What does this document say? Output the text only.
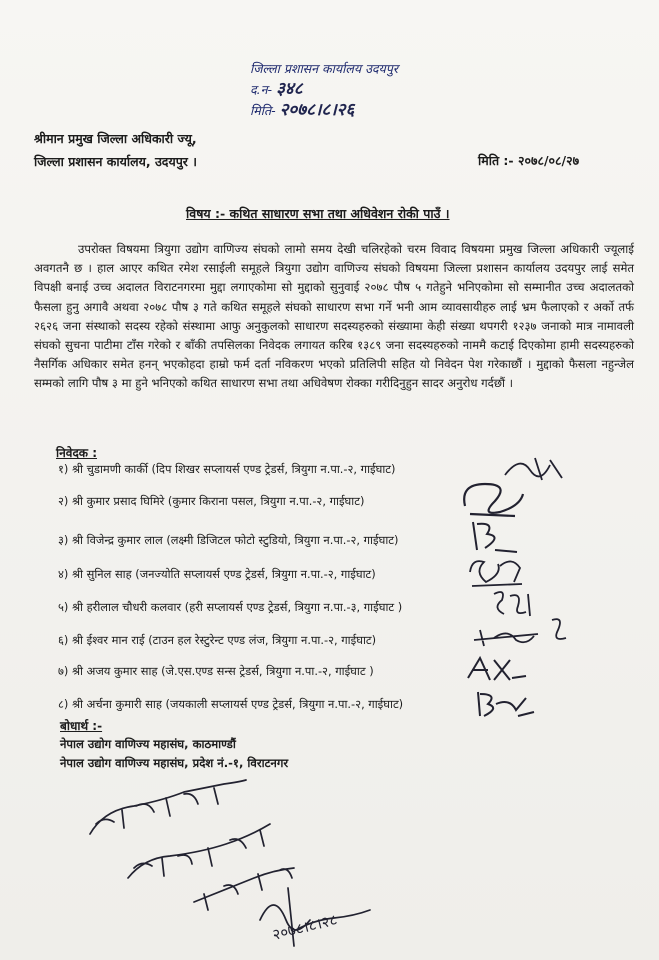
जिल्ला प्रशासन कार्यालय उदयपुर
द.न- ३४८
मिति- २०७८।८।२६
श्रीमान प्रमुख जिल्ला अधिकारी ज्यू,
जिल्ला प्रशासन कार्यालय, उदयपुर ।	मिति :- २०७८/०८/२७
विषय :- कथित साधारण सभा तथा अधिवेशन रोकी पाउँ ।
उपरोक्त विषयमा त्रियुगा उद्योग वाणिज्य संघको लामो समय देखी चलिरहेको चरम विवाद विषयमा प्रमुख जिल्ला अधिकारी ज्यूलाई अवगतनै छ । हाल आएर कथित रमेश रसाईली समूहले त्रियुगा उद्योग वाणिज्य संघको विषयमा जिल्ला प्रशासन कार्यालय उदयपुर लाई समेत विपक्षी बनाई उच्च अदालत विराटनगरमा मुद्दा लगाएकोमा सो मुद्दाको सुनुवाई २०७८ पौष ५ गतेहुने भनिएकोमा सो सम्मानीत उच्च अदालतको फैसला हुनु अगावै अथवा २०७८ पौष ३ गते कथित समूहले संघको साधारण सभा गर्ने भनी आम व्यावसायीहरु लाई भ्रम फैलाएको र अर्को तर्फ २६२६ जना संस्थाको सदस्य रहेको संस्थामा आफु अनुकुलको साधारण सदस्यहरुको संख्यामा केही संख्या थपगरी १२३७ जनाको मात्र नामावली संघको सुचना पाटीमा टाँस गरेको र बाँकी तपसिलका निवेदक लगायत करिब १३८९ जना सदस्यहरुको नाममै कटाई दिएकोमा हामी सदस्यहरुको नैसर्गिक अधिकार समेत हनन् भएकोहदा हाम्रो फर्म दर्ता नविकरण भएको प्रतिलिपी सहित यो निवेदन पेश गरेकाछौं । मुद्दाको फैसला नहुन्जेल सम्मको लागि पौष ३ मा हुने भनिएको कथित साधारण सभा तथा अधिवेषण रोक्का गरीदिनुहुन सादर अनुरोध गर्दछौं ।
निवेदक :
१) श्री चुडामणी कार्की (दिप शिखर सप्लायर्स एण्ड ट्रेडर्स, त्रियुगा न.पा.-२, गाईघाट)
२) श्री कुमार प्रसाद घिमिरे (कुमार किराना पसल, त्रियुगा न.पा.-२, गाईघाट)
३) श्री विजेन्द्र कुमार लाल (लक्ष्मी डिजिटल फोटो स्टुडियो, त्रियुगा न.पा.-२, गाईघाट)
४) श्री सुनिल साह (जनज्योति सप्लायर्स एण्ड ट्रेडर्स, त्रियुगा न.पा.-२, गाईघाट)
५) श्री हरीलाल चौधरी कलवार (हरी सप्लायर्स एण्ड ट्रेडर्स, त्रियुगा न.पा.-३, गाईघाट )
६) श्री ईश्वर मान राई (टाउन हल रेस्टुरेन्ट एण्ड लंज, त्रियुगा न.पा.-२, गाईघाट)
७) श्री अजय कुमार साह (जे.एस.एण्ड सन्स ट्रेडर्स, त्रियुगा न.पा.-२, गाईघाट )
८) श्री अर्चना कुमारी साह (जयकाली सप्लायर्स एण्ड ट्रेडर्स, त्रियुगा न.पा.-२, गाईघाट)
बोधार्थ :-
नेपाल उद्योग वाणिज्य महासंघ, काठमाण्डौं
नेपाल उद्योग वाणिज्य महासंघ, प्रदेश नं.-१, विराटनगर
२०७८।८।२८
